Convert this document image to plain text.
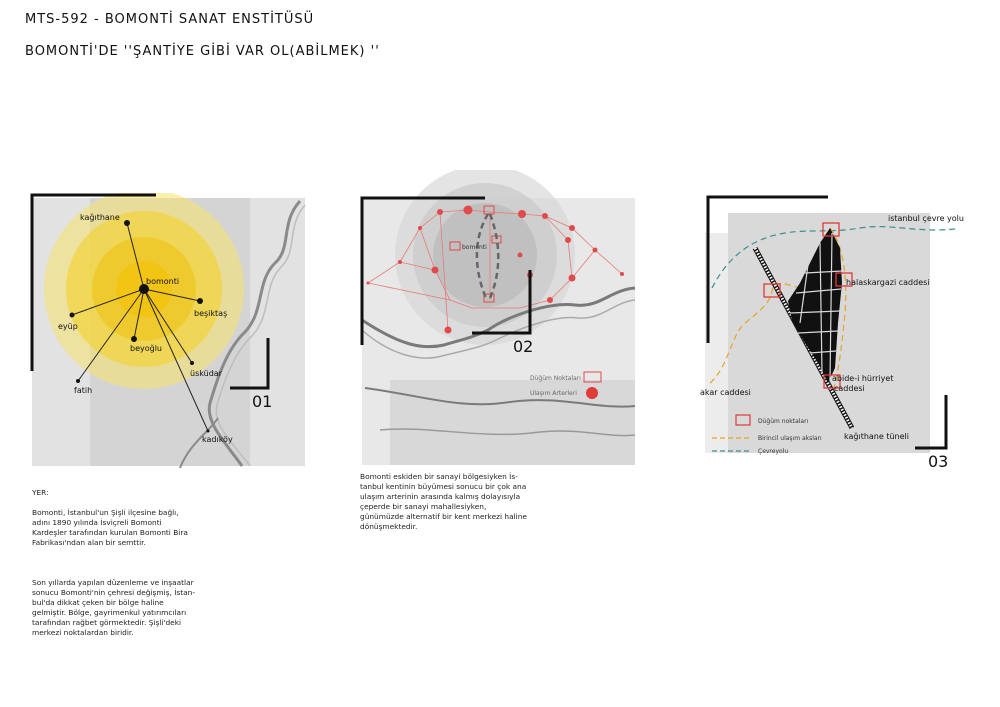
MTS-592 - BOMONTİ SANAT ENSTİTÜSÜ
BOMONTİ'DE ''ŞANTİYE GİBİ VAR OL(ABİLMEK) ''
kağıthane
bomonti
beşiktaş
eyüp
beyoğlu
üsküdar
fatih
kadıköy
01

YER:

Bomonti, İstanbul'un Şişli ilçesine bağlı,
adını 1890 yılında İsviçreli Bomonti
Kardeşler tarafından kurulan Bomonti Bira
Fabrikası'ndan alan bir semttir.

Son yıllarda yapılan düzenleme ve inşaatlar
sonucu Bomonti'nin çehresi değişmiş, İstan-
bul'da dikkat çeken bir bölge haline
gelmiştir. Bölge, gayrimenkul yatırımcıları
tarafından rağbet görmektedir. Şişli'deki
merkezi noktalardan biridir.

bomonti
Düğüm Noktaları
Ulaşım Arterleri
02
Bomonti eskiden bir sanayi bölgesiyken İs-
tanbul kentinin büyümesi sonucu bir çok ana
ulaşım arterinin arasında kalmış dolayısıyla
çeperde bir sanayi mahallesiyken,
günümüzde alternatif bir kent merkezi haline
dönüşmektedir.
istanbul çevre yolu
halaskargazi caddesi
abide-i hürriyet
caddesi
akar caddesi
kağıthane tüneli
Düğüm noktaları
Birincil ulaşım aksları
Çevreyolu
03
